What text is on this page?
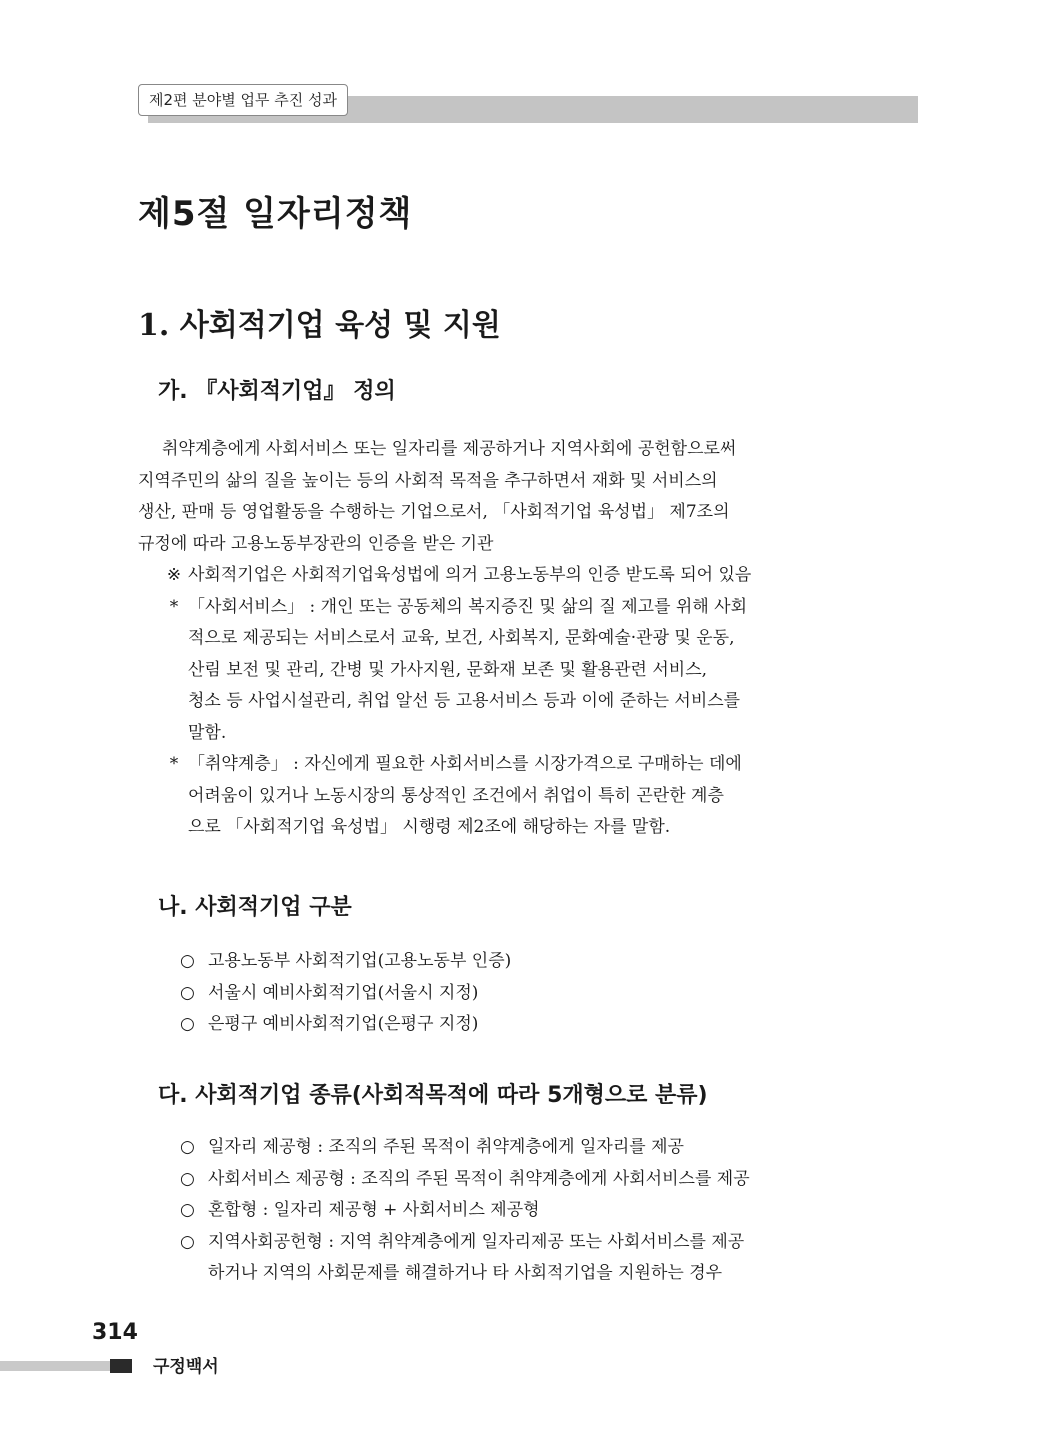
제2편 분야별 업무 추진 성과
제5절 일자리정책
1. 사회적기업 육성 및 지원
가. 『사회적기업』 정의
취약계층에게 사회서비스 또는 일자리를 제공하거나 지역사회에 공헌함으로써
지역주민의 삶의 질을 높이는 등의 사회적 목적을 추구하면서 재화 및 서비스의
생산, 판매 등 영업활동을 수행하는 기업으로서, 「사회적기업 육성법」 제7조의
규정에 따라 고용노동부장관의 인증을 받은 기관
※ 사회적기업은 사회적기업육성법에 의거 고용노동부의 인증 받도록 되어 있음
* 「사회서비스」 : 개인 또는 공동체의 복지증진 및 삶의 질 제고를 위해 사회
적으로 제공되는 서비스로서 교육, 보건, 사회복지, 문화예술·관광 및 운동,
산림 보전 및 관리, 간병 및 가사지원, 문화재 보존 및 활용관련 서비스,
청소 등 사업시설관리, 취업 알선 등 고용서비스 등과 이에 준하는 서비스를
말함.
* 「취약계층」 : 자신에게 필요한 사회서비스를 시장가격으로 구매하는 데에
어려움이 있거나 노동시장의 통상적인 조건에서 취업이 특히 곤란한 계층
으로 「사회적기업 육성법」 시행령 제2조에 해당하는 자를 말함.
나. 사회적기업 구분
○ 고용노동부 사회적기업(고용노동부 인증)
○ 서울시 예비사회적기업(서울시 지정)
○ 은평구 예비사회적기업(은평구 지정)
다. 사회적기업 종류(사회적목적에 따라 5개형으로 분류)
○ 일자리 제공형 : 조직의 주된 목적이 취약계층에게 일자리를 제공
○ 사회서비스 제공형 : 조직의 주된 목적이 취약계층에게 사회서비스를 제공
○ 혼합형 : 일자리 제공형 + 사회서비스 제공형
○ 지역사회공헌형 : 지역 취약계층에게 일자리제공 또는 사회서비스를 제공
하거나 지역의 사회문제를 해결하거나 타 사회적기업을 지원하는 경우
314
구정백서
